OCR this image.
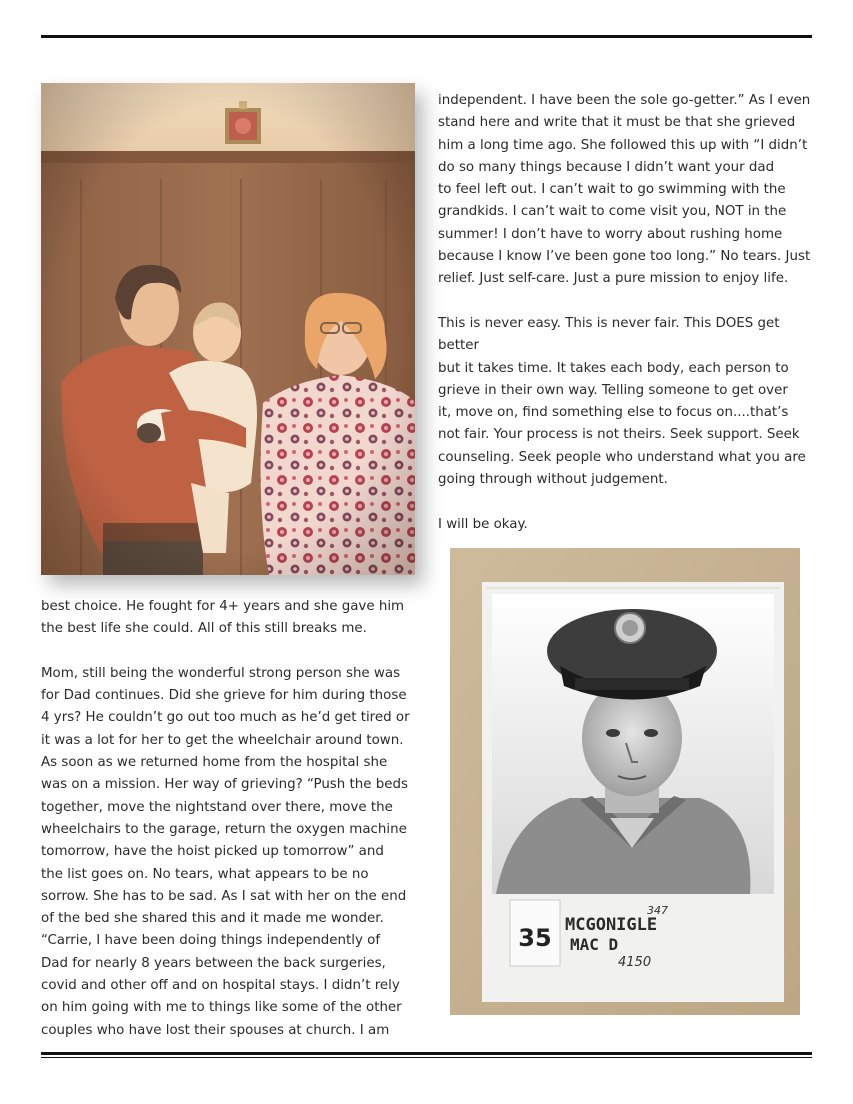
independent. I have been the sole go-getter.” As I even
stand here and write that it must be that she grieved
him a long time ago. She followed this up with “I didn’t
do so many things because I didn’t want your dad
to feel left out. I can’t wait to go swimming with the
grandkids. I can’t wait to come visit you, NOT in the
summer! I don’t have to worry about rushing home
because I know I’ve been gone too long.” No tears. Just
relief. Just self-care. Just a pure mission to enjoy life.

This is never easy. This is never fair. This DOES get better
but it takes time. It takes each body, each person to
grieve in their own way. Telling someone to get over
it, move on, find something else to focus on....that’s
not fair. Your process is not theirs. Seek support. Seek
counseling. Seek people who understand what you are
going through without judgement.

I will be okay.

35 MCGONIGLE
MAC D
347
4150

best choice. He fought for 4+ years and she gave him
the best life she could. All of this still breaks me.

Mom, still being the wonderful strong person she was
for Dad continues. Did she grieve for him during those
4 yrs? He couldn’t go out too much as he’d get tired or
it was a lot for her to get the wheelchair around town.
As soon as we returned home from the hospital she
was on a mission. Her way of grieving? “Push the beds
together, move the nightstand over there, move the
wheelchairs to the garage, return the oxygen machine
tomorrow, have the hoist picked up tomorrow” and
the list goes on. No tears, what appears to be no
sorrow. She has to be sad. As I sat with her on the end
of the bed she shared this and it made me wonder.
“Carrie, I have been doing things independently of
Dad for nearly 8 years between the back surgeries,
covid and other off and on hospital stays. I didn’t rely
on him going with me to things like some of the other
couples who have lost their spouses at church. I am
